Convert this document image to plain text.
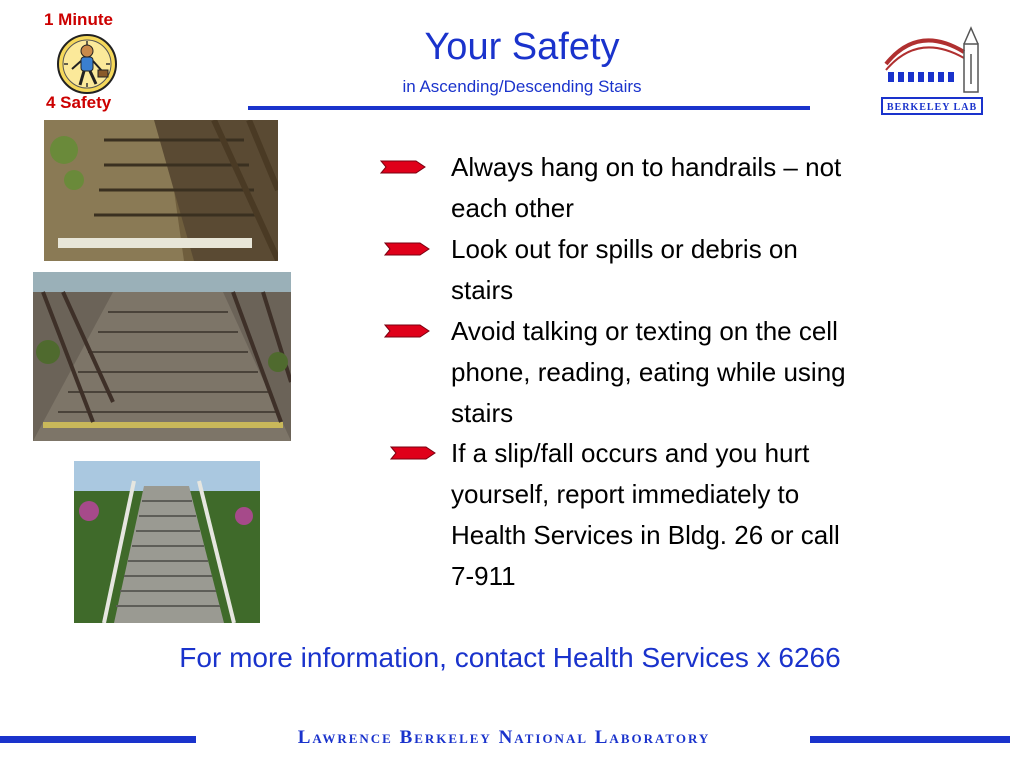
1 Minute
4 Safety
Your Safety
in Ascending/Descending Stairs
BERKELEY LAB
Always hang on to handrails – not
each other
Look out for spills or debris on
stairs
Avoid talking or texting on the cell
phone, reading, eating while using
stairs
If a slip/fall occurs and you hurt
yourself, report immediately to
Health Services in Bldg. 26 or call
7-911
For more information, contact Health Services x 6266
Lawrence Berkeley National Laboratory
